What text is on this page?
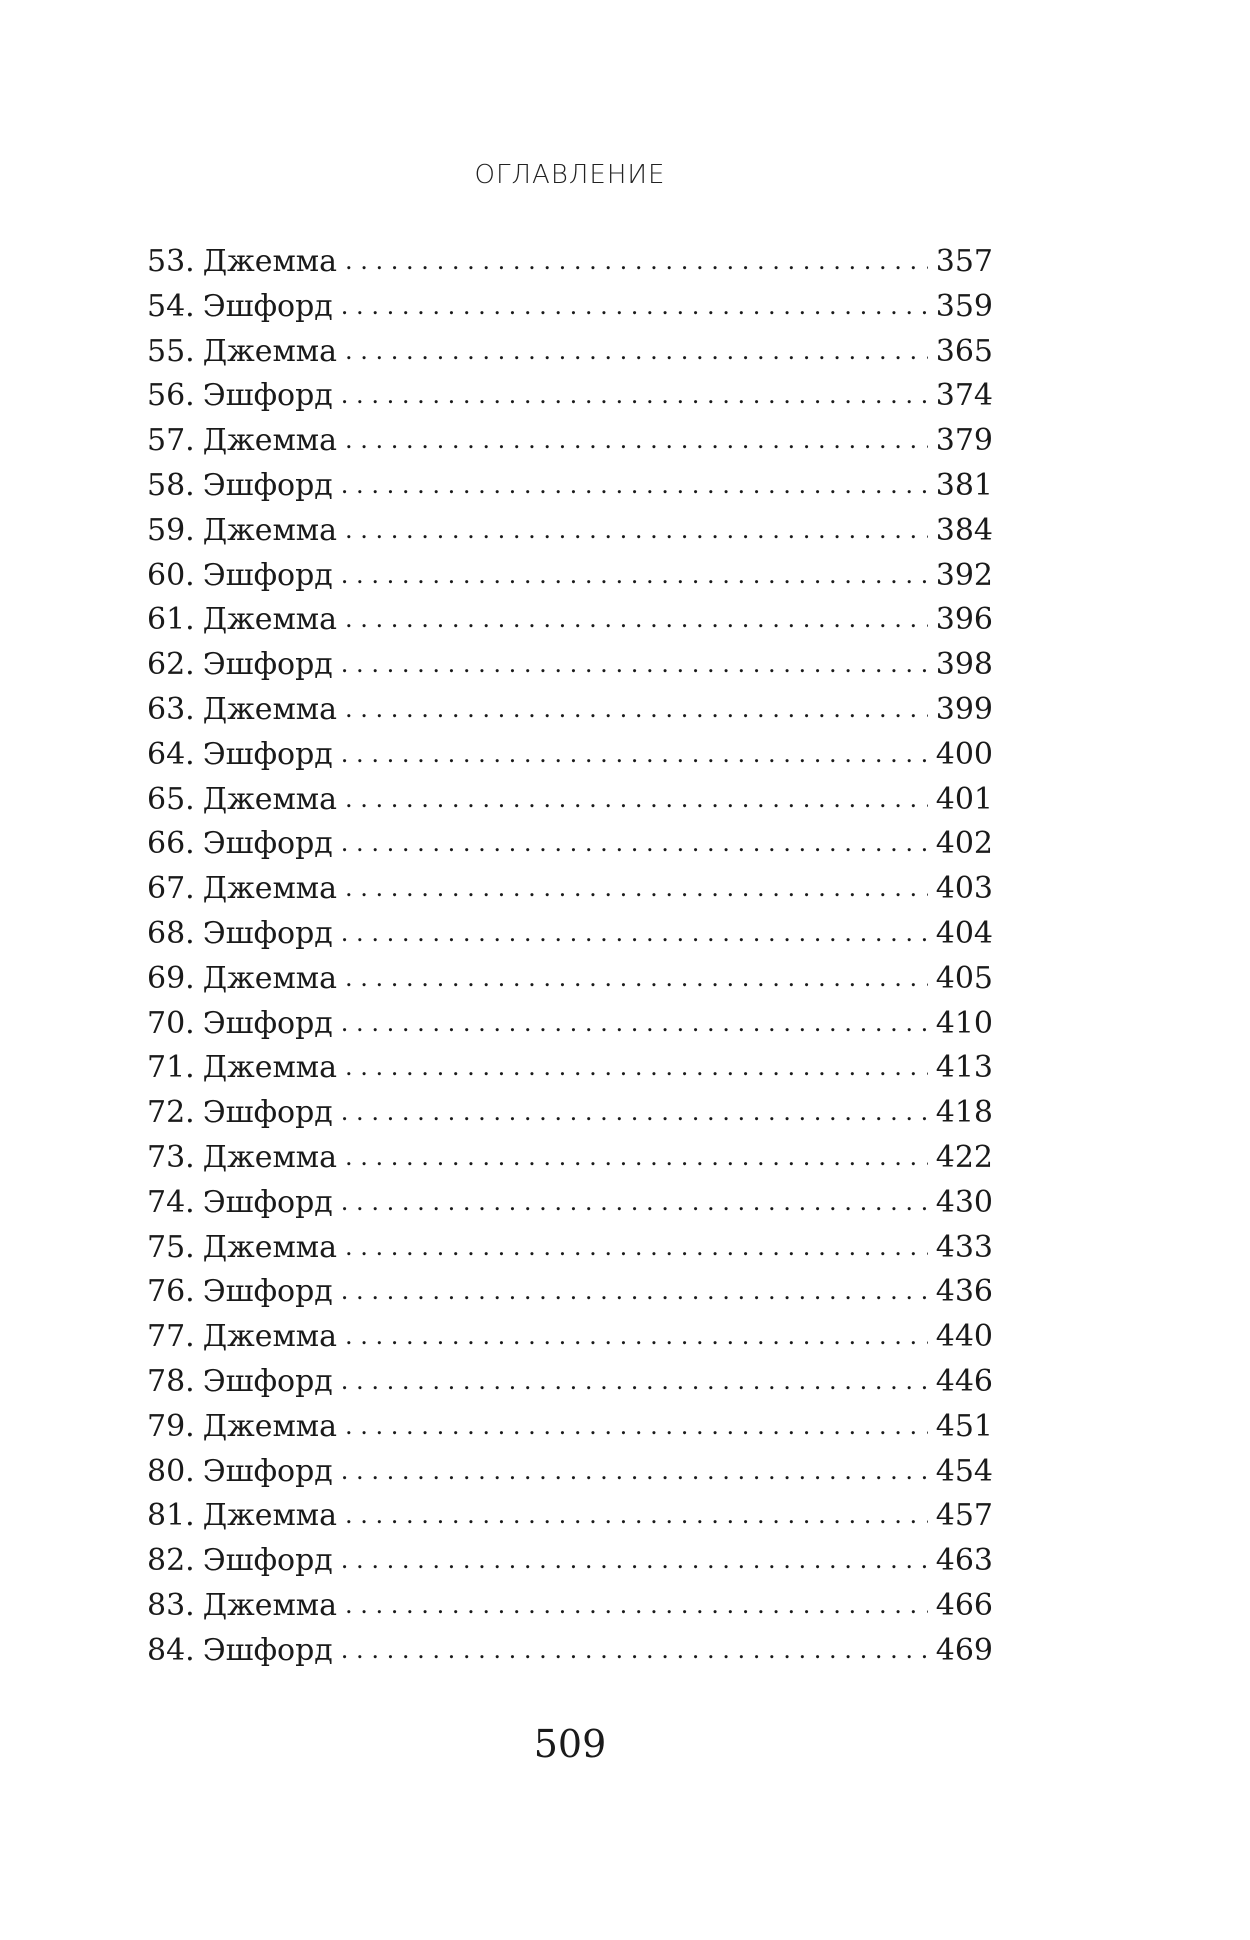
ОГЛАВЛЕНИЕ
53. Джемма . . .	357
54. Эшфорд . . .	359
55. Джемма . . .	365
56. Эшфорд . . .	374
57. Джемма . . .	379
58. Эшфорд . . .	381
59. Джемма . . .	384
60. Эшфорд . . .	392
61. Джемма . . .	396
62. Эшфорд . . .	398
63. Джемма . . .	399
64. Эшфорд . . .	400
65. Джемма . . .	401
66. Эшфорд . . .	402
67. Джемма . . .	403
68. Эшфорд . . .	404
69. Джемма . . .	405
70. Эшфорд . . .	410
71. Джемма . . .	413
72. Эшфорд . . .	418
73. Джемма . . .	422
74. Эшфорд . . .	430
75. Джемма . . .	433
76. Эшфорд . . .	436
77. Джемма . . .	440
78. Эшфорд . . .	446
79. Джемма . . .	451
80. Эшфорд . . .	454
81. Джемма . . .	457
82. Эшфорд . . .	463
83. Джемма . . .	466
84. Эшфорд . . .	469
509
